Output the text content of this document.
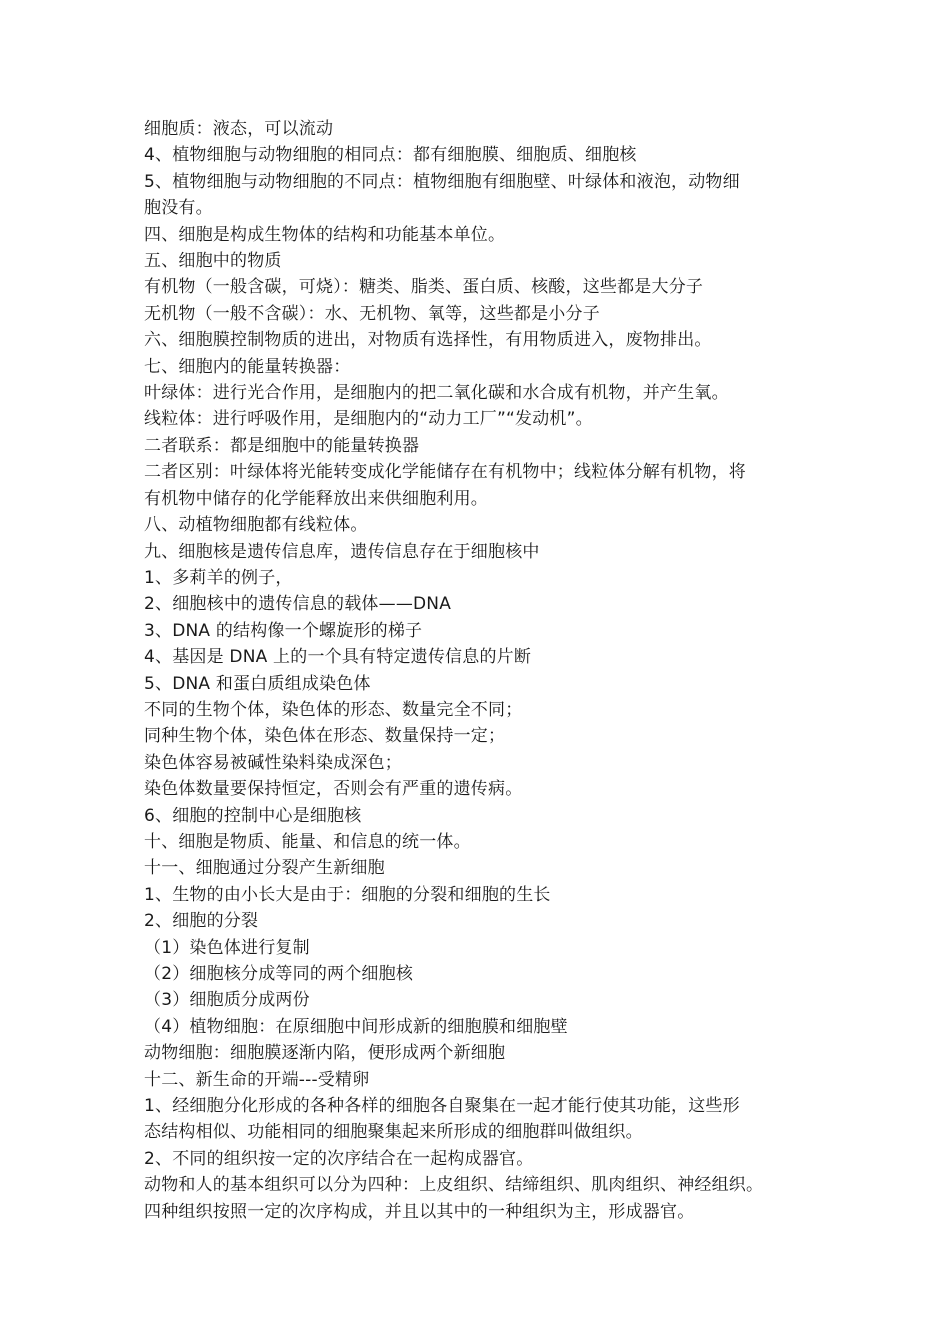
细胞质：液态，可以流动

4、植物细胞与动物细胞的相同点：都有细胞膜、细胞质、细胞核

5、植物细胞与动物细胞的不同点：植物细胞有细胞壁、叶绿体和液泡，动物细

胞没有。

四、细胞是构成生物体的结构和功能基本单位。

五、细胞中的物质

有机物（一般含碳，可烧）：糖类、脂类、蛋白质、核酸，这些都是大分子

无机物（一般不含碳）：水、无机物、氧等，这些都是小分子

六、细胞膜控制物质的进出，对物质有选择性，有用物质进入，废物排出。

七、细胞内的能量转换器：

叶绿体：进行光合作用，是细胞内的把二氧化碳和水合成有机物，并产生氧。

线粒体：进行呼吸作用，是细胞内的“动力工厂”“发动机”。

二者联系：都是细胞中的能量转换器

二者区别：叶绿体将光能转变成化学能储存在有机物中；线粒体分解有机物，将

有机物中储存的化学能释放出来供细胞利用。

八、动植物细胞都有线粒体。

九、细胞核是遗传信息库，遗传信息存在于细胞核中

1、多莉羊的例子，

2、细胞核中的遗传信息的载体——DNA

3、DNA 的结构像一个螺旋形的梯子

4、基因是 DNA 上的一个具有特定遗传信息的片断

5、DNA 和蛋白质组成染色体

不同的生物个体，染色体的形态、数量完全不同；

同种生物个体，染色体在形态、数量保持一定；

染色体容易被碱性染料染成深色；

染色体数量要保持恒定，否则会有严重的遗传病。

6、细胞的控制中心是细胞核

十、细胞是物质、能量、和信息的统一体。

十一、细胞通过分裂产生新细胞

1、生物的由小长大是由于：细胞的分裂和细胞的生长

2、细胞的分裂

（1）染色体进行复制

（2）细胞核分成等同的两个细胞核

（3）细胞质分成两份

（4）植物细胞：在原细胞中间形成新的细胞膜和细胞壁

动物细胞：细胞膜逐渐内陷，便形成两个新细胞

十二、新生命的开端---受精卵

1、经细胞分化形成的各种各样的细胞各自聚集在一起才能行使其功能，这些形

态结构相似、功能相同的细胞聚集起来所形成的细胞群叫做组织。

2、不同的组织按一定的次序结合在一起构成器官。

动物和人的基本组织可以分为四种：上皮组织、结缔组织、肌肉组织、神经组织。

四种组织按照一定的次序构成，并且以其中的一种组织为主，形成器官。
